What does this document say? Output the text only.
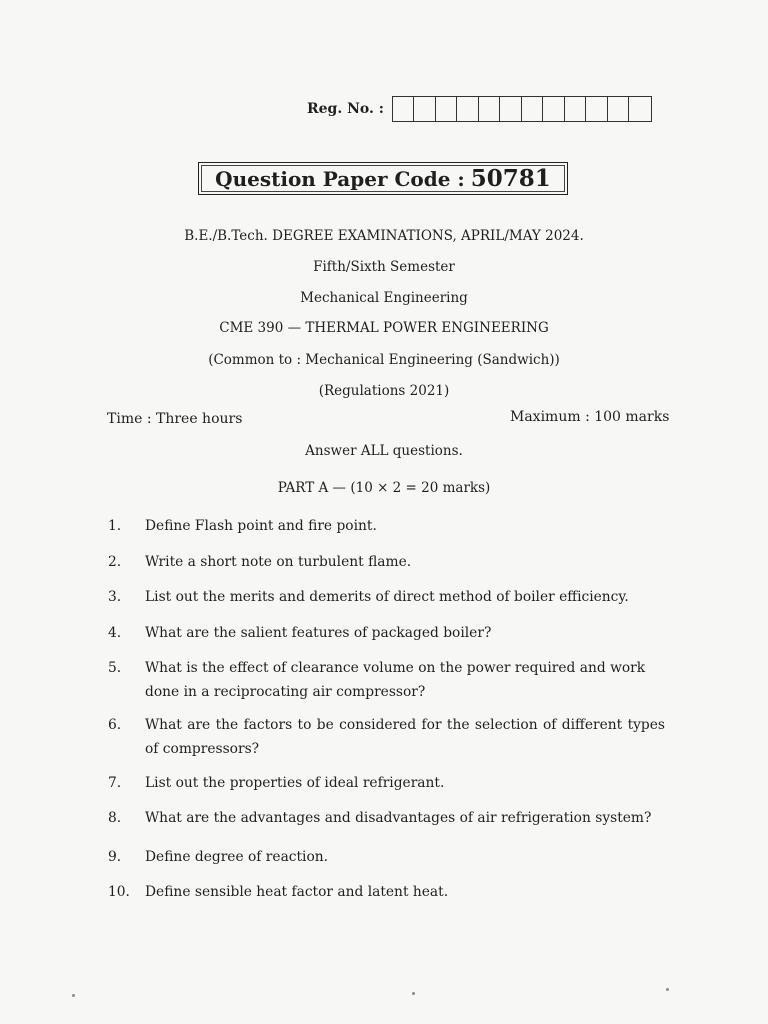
Reg. No. :
Question Paper Code : 50781
B.E./B.Tech. DEGREE EXAMINATIONS, APRIL/MAY 2024.
Fifth/Sixth Semester
Mechanical Engineering
CME 390 — THERMAL POWER ENGINEERING
(Common to : Mechanical Engineering (Sandwich))
(Regulations 2021)
Time : Three hours	Maximum : 100 marks
Answer ALL questions.
PART A — (10 × 2 = 20 marks)
1.	Define Flash point and fire point.
2.	Write a short note on turbulent flame.
3.	List out the merits and demerits of direct method of boiler efficiency.
4.	What are the salient features of packaged boiler?
5.	What is the effect of clearance volume on the power required and work done in a reciprocating air compressor?
6.	What are the factors to be considered for the selection of different types of compressors?
7.	List out the properties of ideal refrigerant.
8.	What are the advantages and disadvantages of air refrigeration system?
9.	Define degree of reaction.
10.	Define sensible heat factor and latent heat.
